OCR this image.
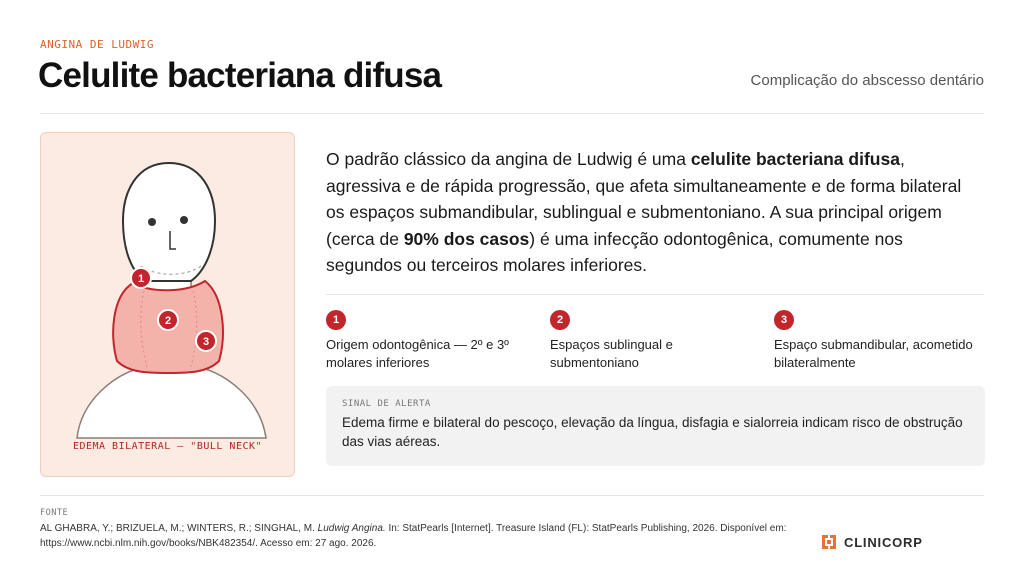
ANGINA DE LUDWIG
Celulite bacteriana difusa	Complicação do abscesso dentário
1
2
3
EDEMA BILATERAL — "BULL NECK"

O padrão clássico da angina de Ludwig é uma celulite bacteriana difusa, agressiva e de rápida progressão, que afeta simultaneamente e de forma bilateral os espaços submandibular, sublingual e submentoniano. A sua principal origem (cerca de 90% dos casos) é uma infecção odontogênica, comumente nos segundos ou terceiros molares inferiores.

1
Origem odontogênica — 2º e 3º molares inferiores
2
Espaços sublingual e submentoniano
3
Espaço submandibular, acometido bilateralmente
SINAL DE ALERTA
Edema firme e bilateral do pescoço, elevação da língua, disfagia e sialorreia indicam risco de obstrução das vias aéreas.
FONTE
AL GHABRA, Y.; BRIZUELA, M.; WINTERS, R.; SINGHAL, M. Ludwig Angina. In: StatPearls [Internet]. Treasure Island (FL): StatPearls Publishing, 2026. Disponível em: https://www.ncbi.nlm.nih.gov/books/NBK482354/. Acesso em: 27 ago. 2026.	CLINICORP
